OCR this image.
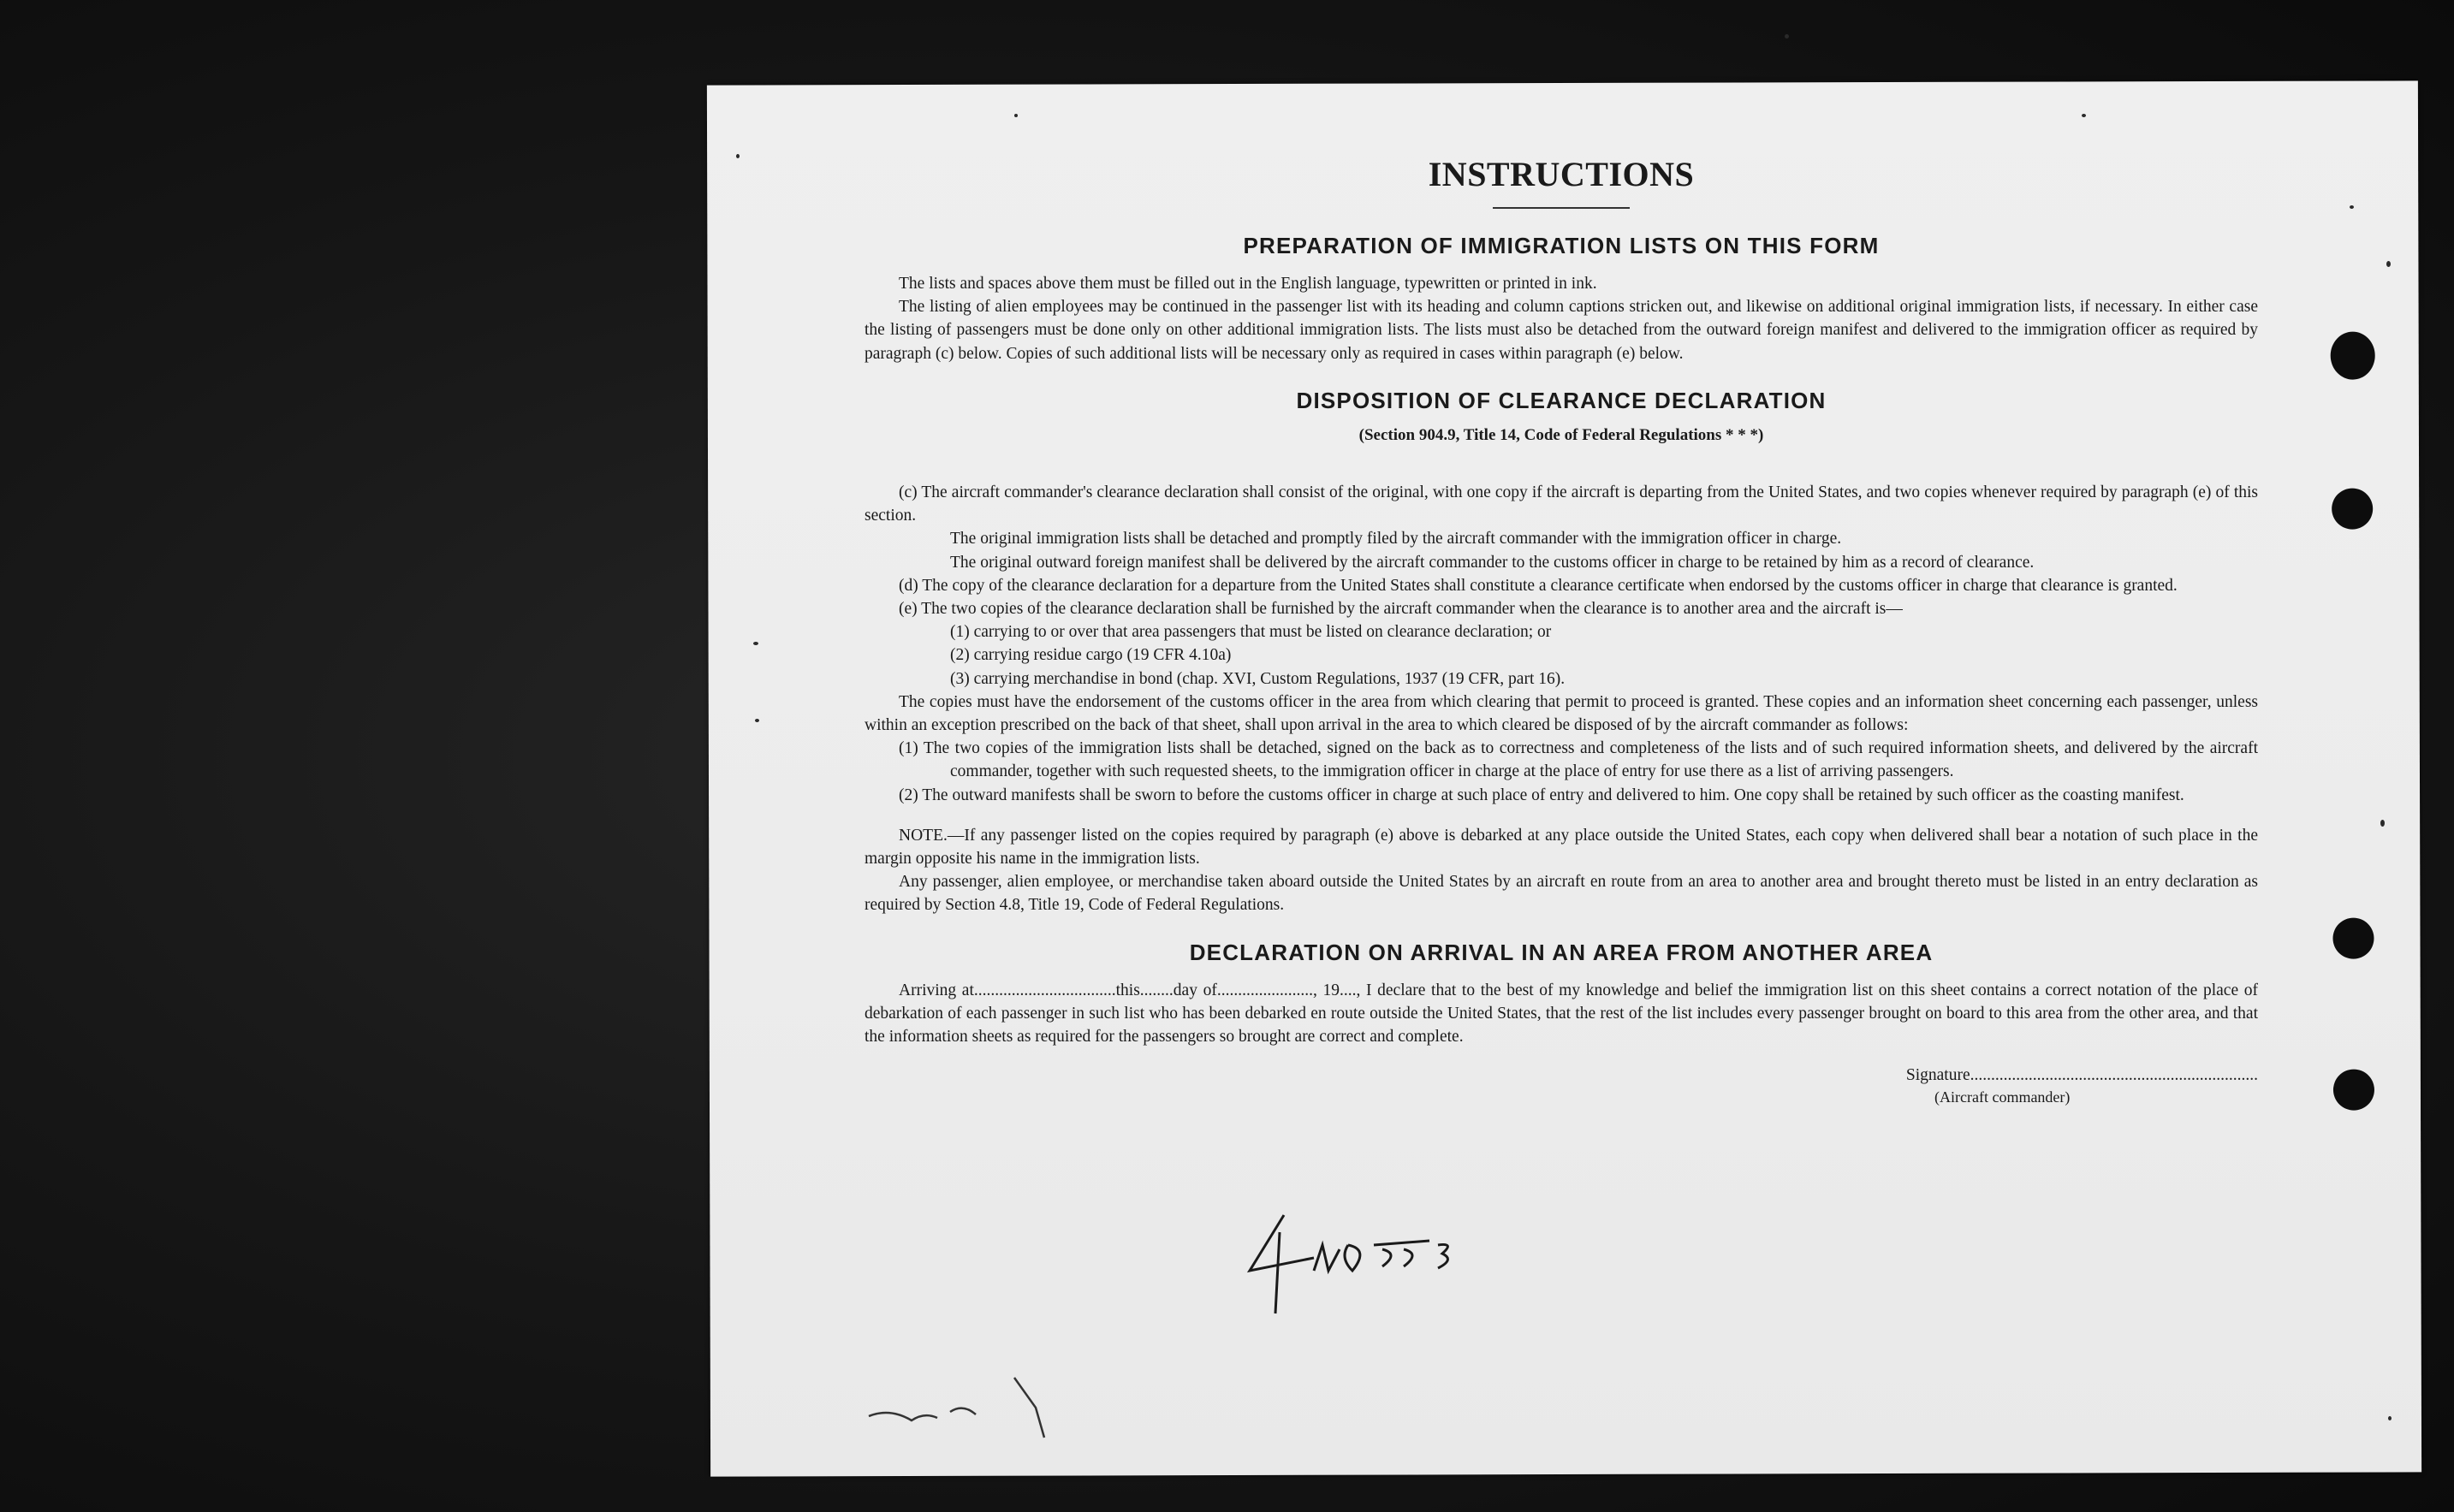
INSTRUCTIONS
PREPARATION OF IMMIGRATION LISTS ON THIS FORM

The lists and spaces above them must be filled out in the English language, typewritten or printed in ink.

The listing of alien employees may be continued in the passenger list with its heading and column captions stricken out, and likewise on additional original immigration lists, if necessary. In either case the listing of passengers must be done only on other additional immigration lists. The lists must also be detached from the outward foreign manifest and delivered to the immigration officer as required by paragraph (c) below. Copies of such additional lists will be necessary only as required in cases within paragraph (e) below.

DISPOSITION OF CLEARANCE DECLARATION
(Section 904.9, Title 14, Code of Federal Regulations * * *)

(c) The aircraft commander's clearance declaration shall consist of the original, with one copy if the aircraft is departing from the United States, and two copies whenever required by paragraph (e) of this section.

The original immigration lists shall be detached and promptly filed by the aircraft commander with the immigration officer in charge.

The original outward foreign manifest shall be delivered by the aircraft commander to the customs officer in charge to be retained by him as a record of clearance.

(d) The copy of the clearance declaration for a departure from the United States shall constitute a clearance certificate when endorsed by the customs officer in charge that clearance is granted.

(e) The two copies of the clearance declaration shall be furnished by the aircraft commander when the clearance is to another area and the aircraft is—

(1) carrying to or over that area passengers that must be listed on clearance declaration; or

(2) carrying residue cargo (19 CFR 4.10a)

(3) carrying merchandise in bond (chap. XVI, Custom Regulations, 1937 (19 CFR, part 16).

The copies must have the endorsement of the customs officer in the area from which clearing that permit to proceed is granted. These copies and an information sheet concerning each passenger, unless within an exception prescribed on the back of that sheet, shall upon arrival in the area to which cleared be disposed of by the aircraft commander as follows:

(1) The two copies of the immigration lists shall be detached, signed on the back as to correctness and completeness of the lists and of such required information sheets, and delivered by the aircraft commander, together with such requested sheets, to the immigration officer in charge at the place of entry for use there as a list of arriving passengers.

(2) The outward manifests shall be sworn to before the customs officer in charge at such place of entry and delivered to him. One copy shall be retained by such officer as the coasting manifest.

NOTE.—If any passenger listed on the copies required by paragraph (e) above is debarked at any place outside the United States, each copy when delivered shall bear a notation of such place in the margin opposite his name in the immigration lists.

Any passenger, alien employee, or merchandise taken aboard outside the United States by an aircraft en route from an area to another area and brought thereto must be listed in an entry declaration as required by Section 4.8, Title 19, Code of Federal Regulations.

DECLARATION ON ARRIVAL IN AN AREA FROM ANOTHER AREA

Arriving at..................................this........day of......................., 19...., I declare that to the best of my knowledge and belief the immigration list on this sheet contains a correct notation of the place of debarkation of each passenger in such list who has been debarked en route outside the United States, that the rest of the list includes every passenger brought on board to this area from the other area, and that the information sheets as required for the passengers so brought are correct and complete.

Signature.....................................................................
(Aircraft commander)
